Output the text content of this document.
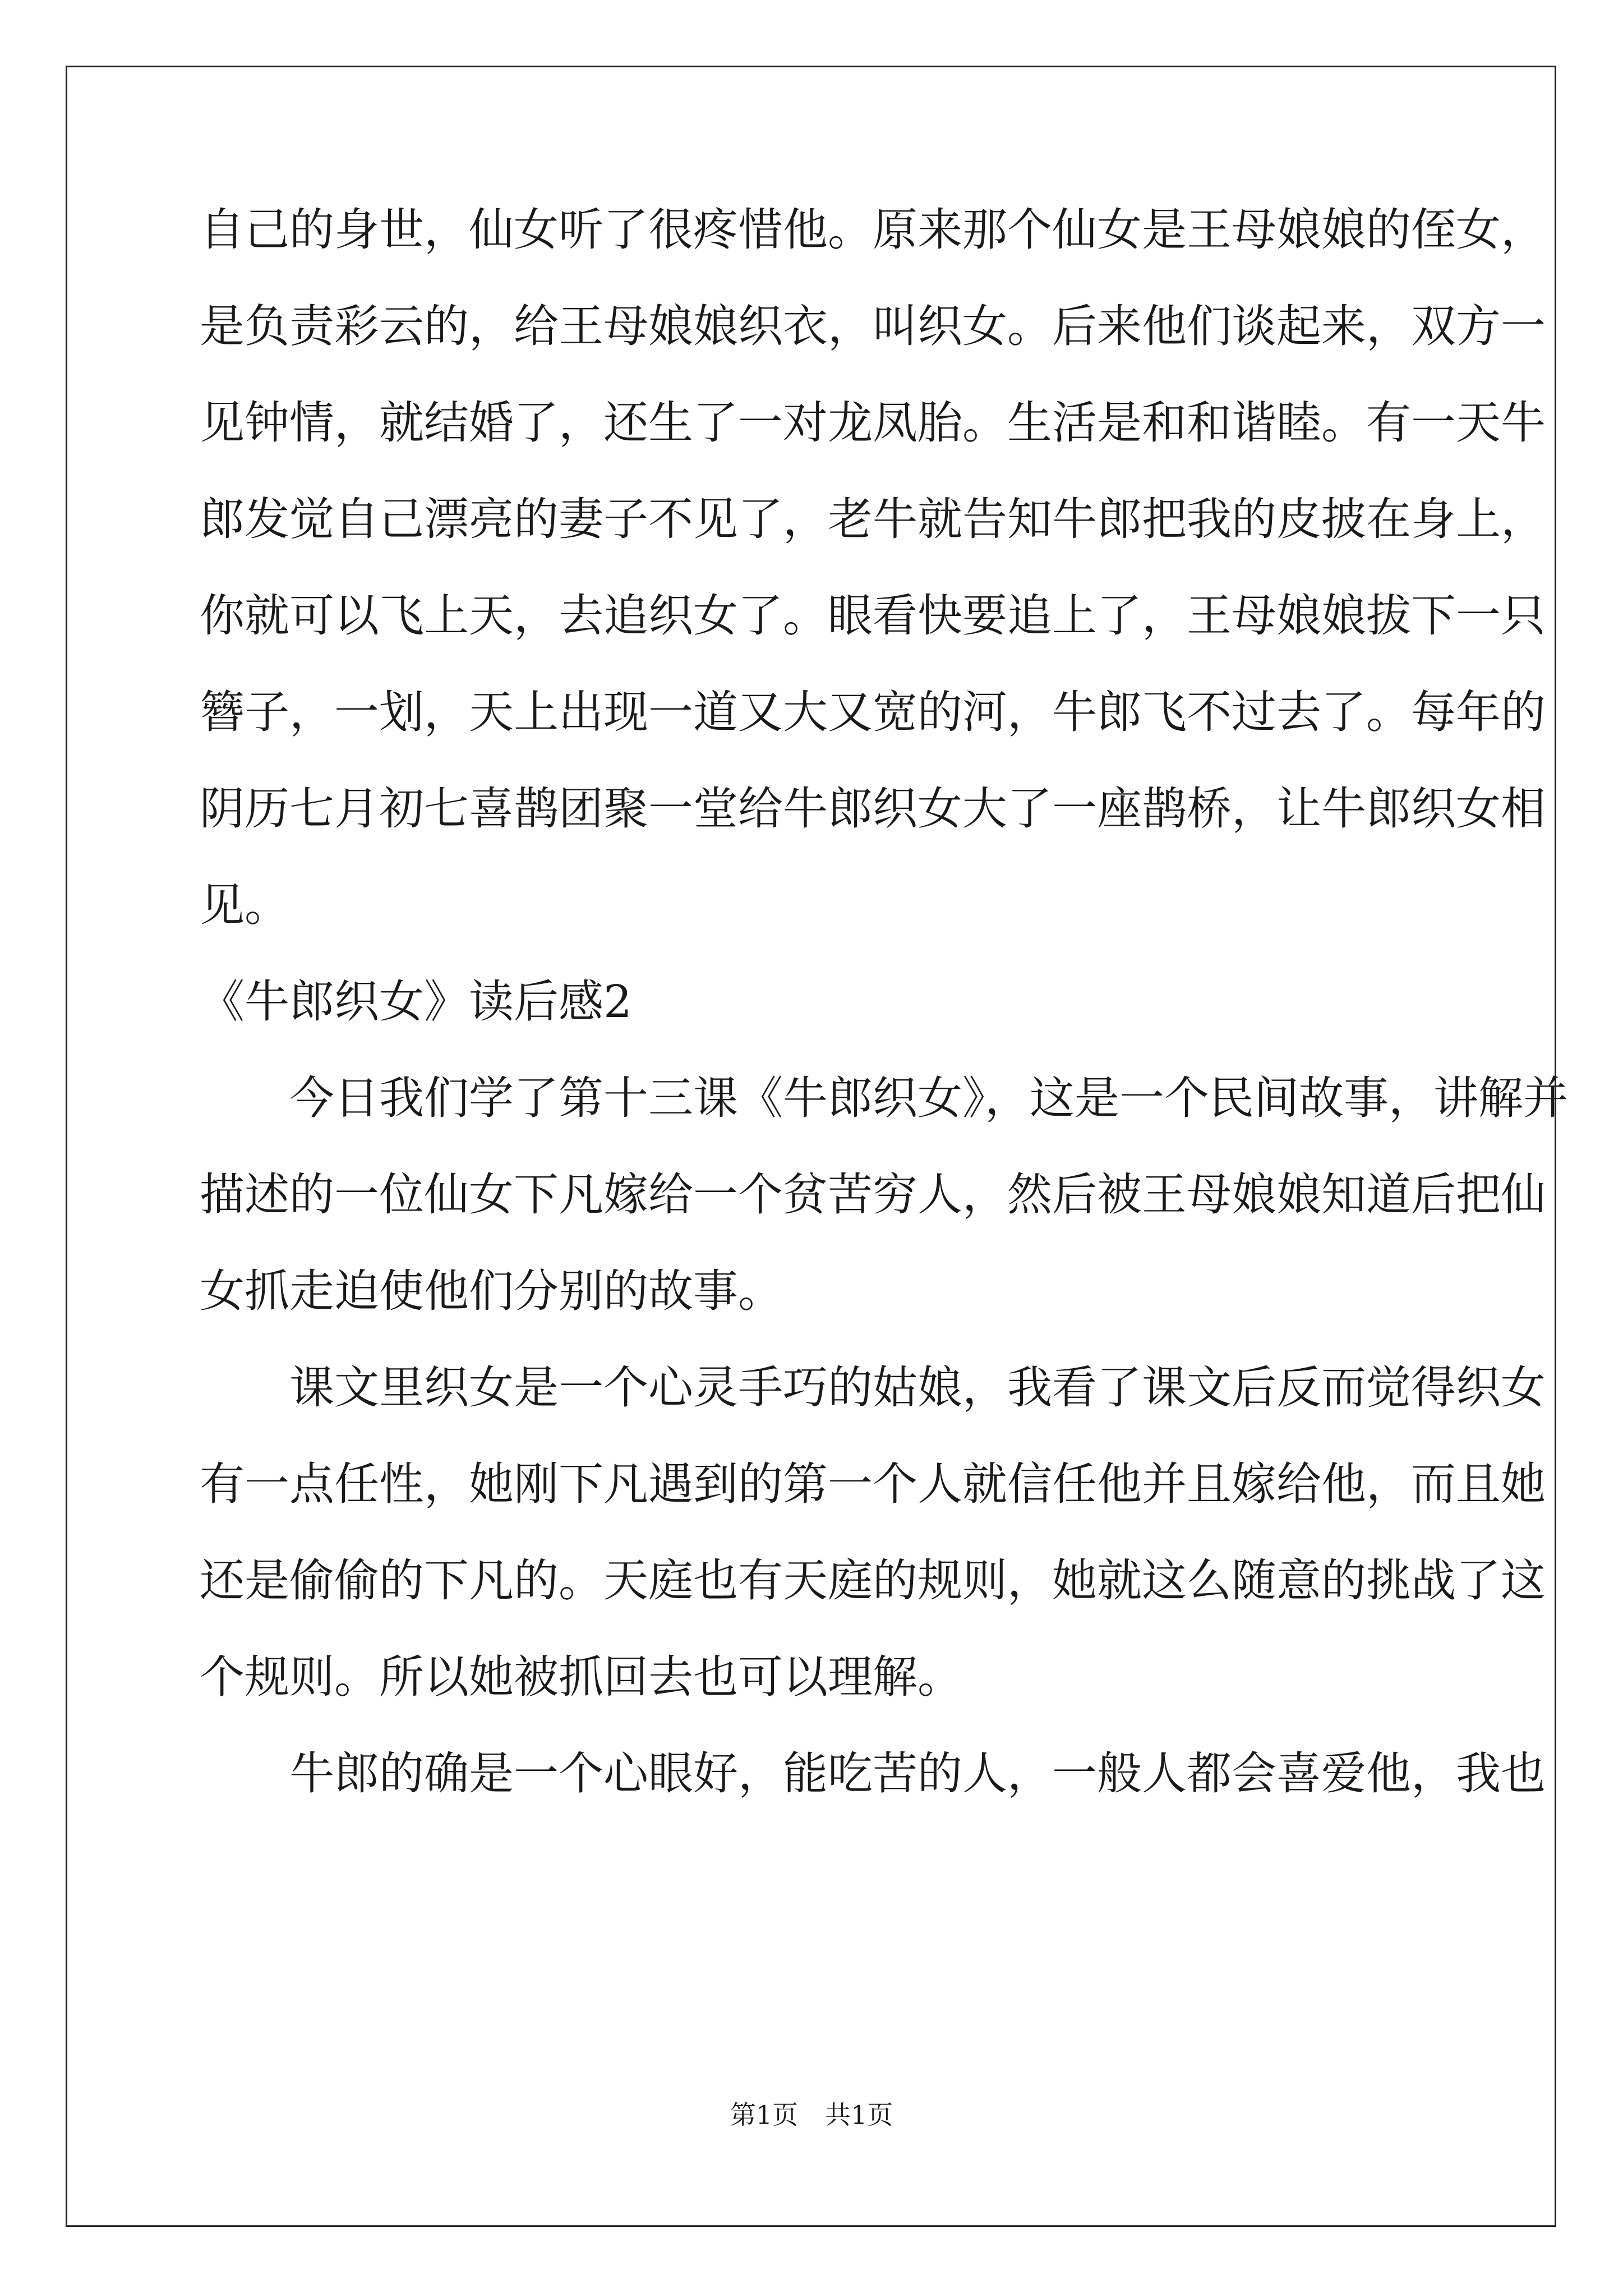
自己的身世，仙女听了很疼惜他。原来那个仙女是王母娘娘的侄女，
是负责彩云的，给王母娘娘织衣，叫织女。后来他们谈起来，双方一
见钟情，就结婚了，还生了一对龙凤胎。生活是和和谐睦。有一天牛
郎发觉自己漂亮的妻子不见了，老牛就告知牛郎把我的皮披在身上，
你就可以飞上天，去追织女了。眼看快要追上了，王母娘娘拔下一只
簪子，一划，天上出现一道又大又宽的河，牛郎飞不过去了。每年的
阴历七月初七喜鹊团聚一堂给牛郎织女大了一座鹊桥，让牛郎织女相
见。
《牛郎织女》读后感2
今日我们学了第十三课《牛郎织女》，这是一个民间故事，讲解并
描述的一位仙女下凡嫁给一个贫苦穷人，然后被王母娘娘知道后把仙
女抓走迫使他们分别的故事。
课文里织女是一个心灵手巧的姑娘，我看了课文后反而觉得织女
有一点任性，她刚下凡遇到的第一个人就信任他并且嫁给他，而且她
还是偷偷的下凡的。天庭也有天庭的规则，她就这么随意的挑战了这
个规则。所以她被抓回去也可以理解。
牛郎的确是一个心眼好，能吃苦的人，一般人都会喜爱他，我也
第1页 共1页
